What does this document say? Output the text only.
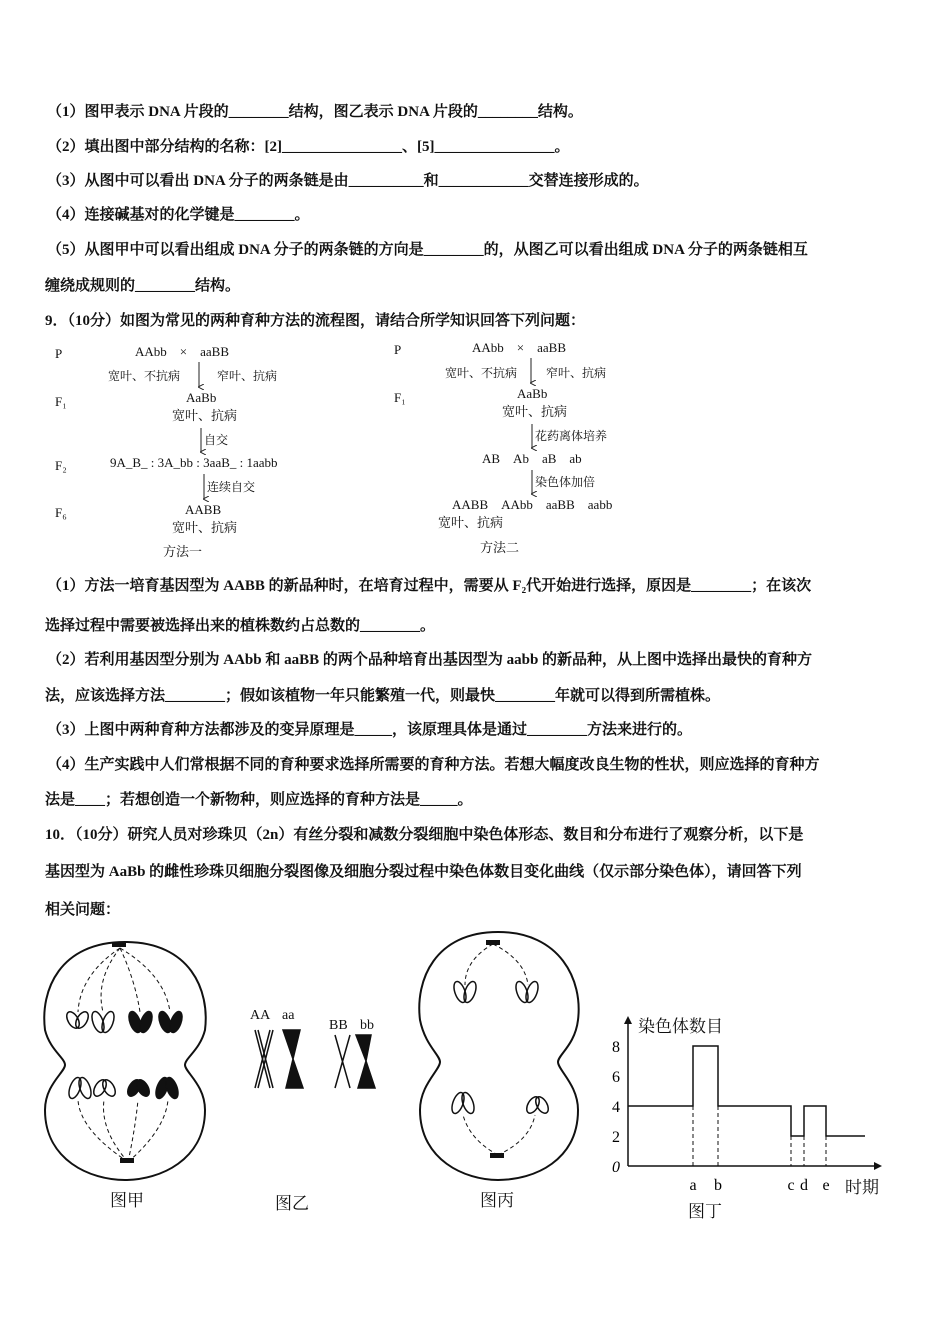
（1）图甲表示 DNA 片段的________结构，图乙表示 DNA 片段的________结构。
（2）填出图中部分结构的名称：[2]________________、[5]________________。
（3）从图中可以看出 DNA 分子的两条链是由__________和____________交替连接形成的。
（4）连接碱基对的化学键是________。
（5）从图甲中可以看出组成 DNA 分子的两条链的方向是________的，从图乙可以看出组成 DNA 分子的两条链相互
缠绕成规则的________结构。
9．（10分）如图为常见的两种育种方法的流程图，请结合所学知识回答下列问题：
P	AAbb　×　aaBB
宽叶、不抗病	窄叶、抗病
F₁	AaBb
宽叶、抗病
自交
F₂	9A_B_ : 3A_bb : 3aaB_ : 1aabb
连续自交
F₆	AABB
宽叶、抗病
方法一
P	AAbb　×　aaBB
宽叶、不抗病 窄叶、抗病
F₁	AaBb
宽叶、抗病
花药离体培养
AB　Ab　aB　ab
染色体加倍
AABB　AAbb　aaBB　aabb
宽叶、抗病
方法二
（1）方法一培育基因型为 AABB 的新品种时，在培育过程中，需要从 F₂代开始进行选择，原因是________；在该次
选择过程中需要被选择出来的植株数约占总数的________。
（2）若利用基因型分别为 AAbb 和 aaBB 的两个品种培育出基因型为 aabb 的新品种，从上图中选择出最快的育种方
法，应该选择方法________；假如该植物一年只能繁殖一代，则最快________年就可以得到所需植株。
（3）上图中两种育种方法都涉及的变异原理是_____，该原理具体是通过________方法来进行的。
（4）生产实践中人们常根据不同的育种要求选择所需要的育种方法。若想大幅度改良生物的性状，则应选择的育种方
法是____；若想创造一个新物种，则应选择的育种方法是_____。
10．（10分）研究人员对珍珠贝（2n）有丝分裂和减数分裂细胞中染色体形态、数目和分布进行了观察分析，以下是
基因型为 AaBb 的雌性珍珠贝细胞分裂图像及细胞分裂过程中染色体数目变化曲线（仅示部分染色体），请回答下列
相关问题：
AA aa
BB bb
图甲	图乙	图丙
0
2
4
6
8
a b	c d e
染色体数目
时期
图丁
